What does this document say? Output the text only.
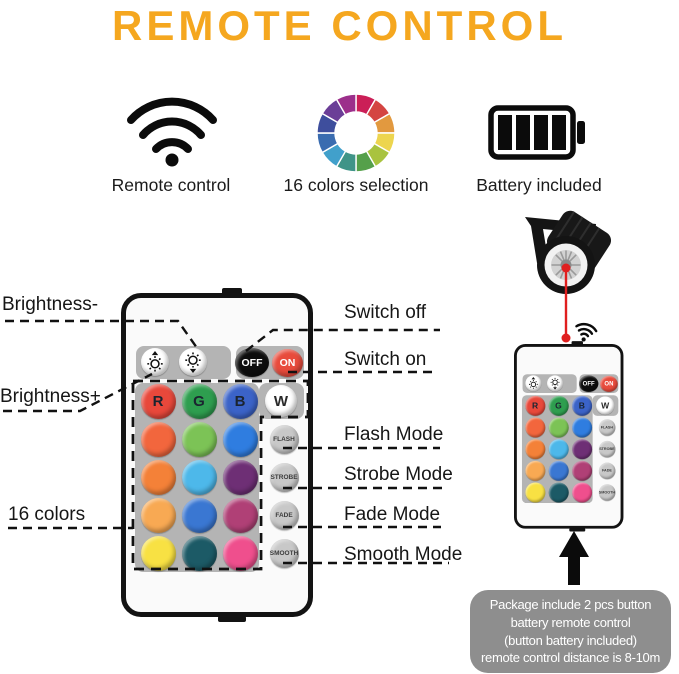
REMOTE CONTROL
Remote control	16 colors selection	Battery included
OFF	ON
R G B W
FLASH
STROBE
FADE
SMOOTH
OFF ON
R G B W
FLASH
STROBE
FADE
SMOOTH
Package include 2 pcs button
battery remote control
(button battery included)
remote control distance is 8-10m
Brightness-
Brightness+
16 colors
Switch off
Switch on
Flash Mode
Strobe Mode
Fade Mode
Smooth Mode
